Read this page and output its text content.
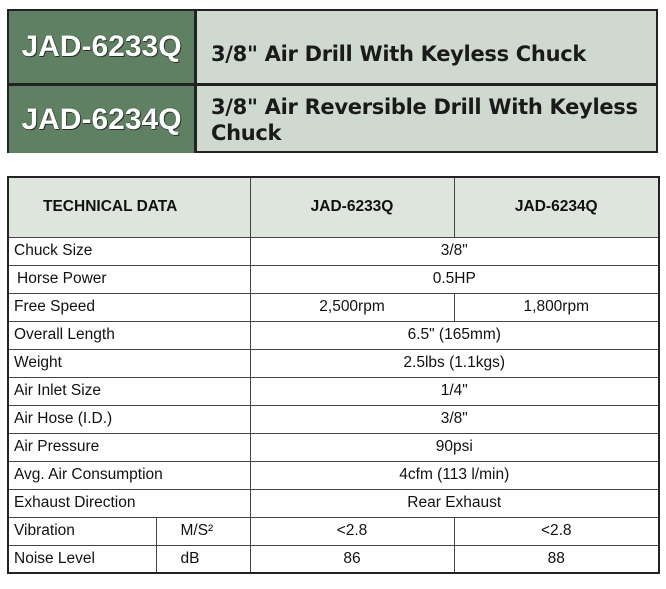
JAD-6233Q	3/8" Air Drill With Keyless Chuck
JAD-6234Q	3/8" Air Reversible Drill With Keyless Chuck
TECHNICAL DATA		JAD-6233Q	JAD-6234Q
Chuck Size		3/8"	
Horse Power		0.5HP	
Free Speed		2,500rpm	1,800rpm
Overall Length		6.5" (165mm)	
Weight		2.5lbs (1.1kgs)	
Air Inlet Size		1/4"	
Air Hose (I.D.)		3/8"	
Air Pressure		90psi	
Avg. Air Consumption		4cfm (113 l/min)	
Exhaust Direction		Rear Exhaust	
Vibration	M/S²	<2.8	<2.8
Noise Level	dB	86	88
